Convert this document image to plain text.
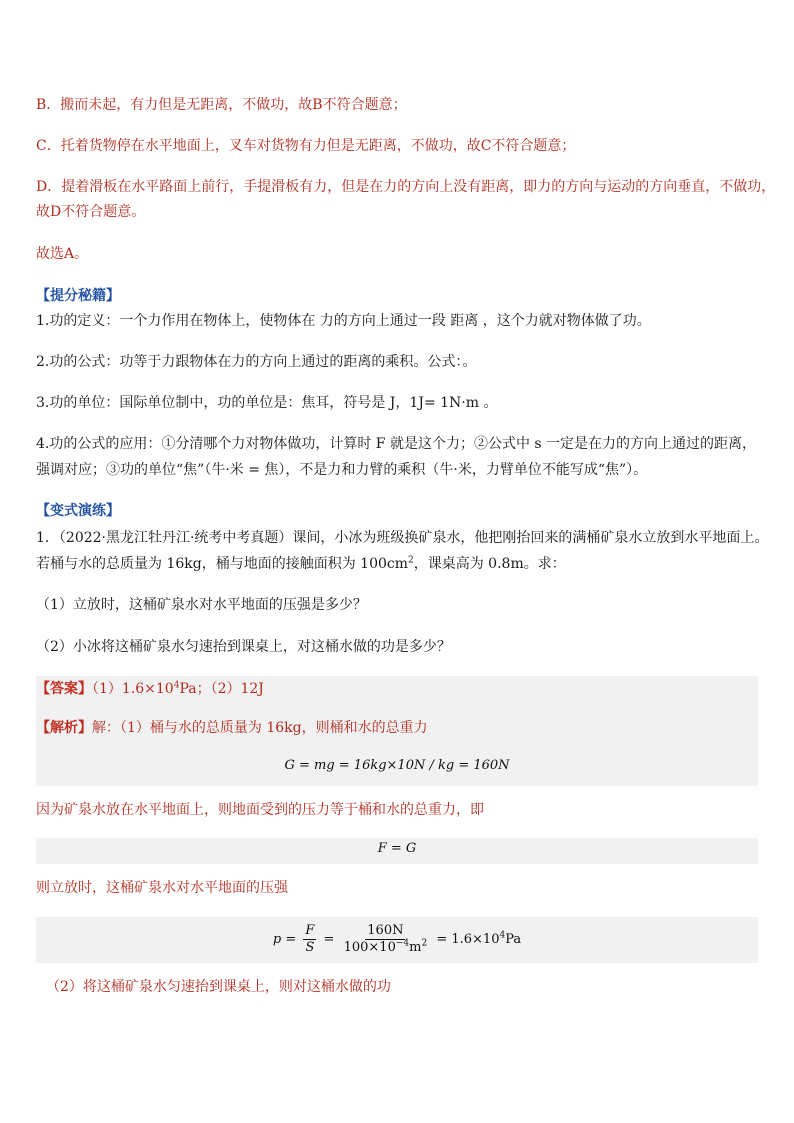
B．搬而未起，有力但是无距离，不做功，故B不符合题意；
C．托着货物停在水平地面上，叉车对货物有力但是无距离，不做功，故C不符合题意；
D．提着滑板在水平路面上前行，手提滑板有力，但是在力的方向上没有距离，即力的方向与运动的方向垂直，不做功，
故D不符合题意。
故选A。
【提分秘籍】
1.功的定义：一个力作用在物体上，使物体在 力的方向上通过一段 距离 ，这个力就对物体做了功。
2.功的公式：功等于力跟物体在力的方向上通过的距离的乘积。公式：。
3.功的单位：国际单位制中，功的单位是：焦耳，符号是 J，1J= 1N·m 。
4.功的公式的应用：①分清哪个力对物体做功，计算时 F 就是这个力；②公式中 s 一定是在力的方向上通过的距离，
强调对应；③功的单位“焦”（牛·米 = 焦），不是力和力臂的乘积（牛·米，力臂单位不能写成“焦”）。
【变式演练】
1．（2022·黑龙江牡丹江·统考中考真题）课间，小冰为班级换矿泉水，他把刚抬回来的满桶矿泉水立放到水平地面上。
若桶与水的总质量为 16kg，桶与地面的接触面积为 $100cm^2$，课桌高为 0.8m。求：
（1）立放时，这桶矿泉水对水平地面的压强是多少？
（2）小冰将这桶矿泉水匀速抬到课桌上，对这桶水做的功是多少？
【答案】$(1)1.6\times 10^4Pa$；（2）12J
【解析】解：（1）桶与水的总质量为 16kg，则桶和水的总重力
G = mg = 16kg×10N / kg = 160N
因为矿泉水放在水平地面上，则地面受到的压力等于桶和水的总重力，即
F = G
则立放时，这桶矿泉水对水平地面的压强
$p = \frac{F}{S} = \frac{160N}{100\times 10^{-4}m^2} = 1.6\times 10^4Pa$
（2）将这桶矿泉水匀速抬到课桌上，则对这桶水做的功
